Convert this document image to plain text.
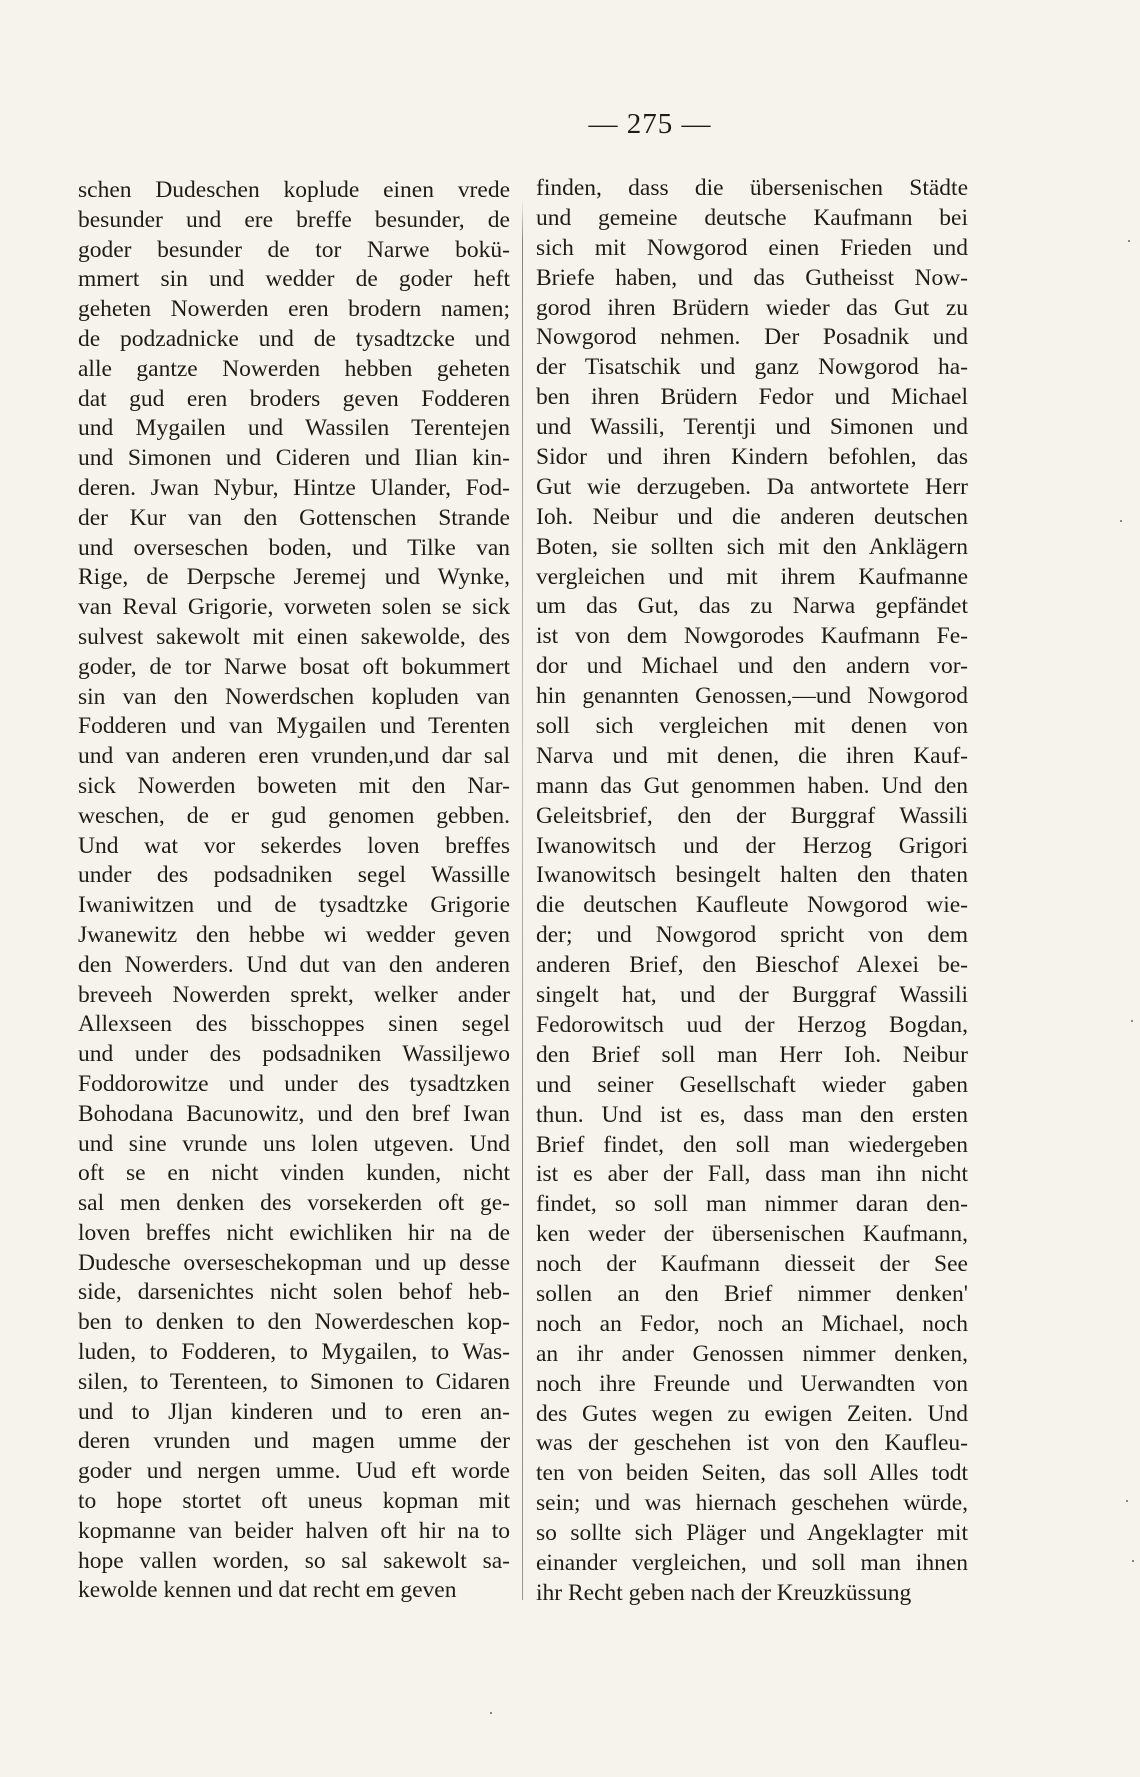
— 275 —
schen Dudeschen koplude einen vrede
besunder und ere breffe besunder, de
goder besunder de tor Narwe bokü-
mmert sin und wedder de goder heft
geheten Nowerden eren brodern namen;
de podzadnicke und de tysadtzcke und
alle gantze Nowerden hebben geheten
dat gud eren broders geven Fodderen
und Mygailen und Wassilen Terentejen
und Simonen und Cideren und Ilian kin-
deren. Jwan Nybur, Hintze Ulander, Fod-
der Kur van den Gottenschen Strande
und overseschen boden, und Tilke van
Rige, de Derpsche Jeremej und Wynke,
van Reval Grigorie, vorweten solen se sick
sulvest sakewolt mit einen sakewolde, des
goder, de tor Narwe bosat oft bokummert
sin van den Nowerdschen kopluden van
Fodderen und van Mygailen und Terenten
und van anderen eren vrunden,und dar sal
sick Nowerden boweten mit den Nar-
weschen, de er gud genomen gebben.
Und wat vor sekerdes loven breffes
under des podsadniken segel Wassille
Iwaniwitzen und de tysadtzke Grigorie
Jwanewitz den hebbe wi wedder geven
den Nowerders. Und dut van den anderen
breveeh Nowerden sprekt, welker ander
Allexseen des bisschoppes sinen segel
und under des podsadniken Wassiljewo
Foddorowitze und under des tysadtzken
Bohodana Bacunowitz, und den bref Iwan
und sine vrunde uns lolen utgeven. Und
oft se en nicht vinden kunden, nicht
sal men denken des vorsekerden oft ge-
loven breffes nicht ewichliken hir na de
Dudesche overseschekopman und up desse
side, darsenichtes nicht solen behof heb-
ben to denken to den Nowerdeschen kop-
luden, to Fodderen, to Mygailen, to Was-
silen, to Terenteen, to Simonen to Cidaren
und to Jljan kinderen und to eren an-
deren vrunden und magen umme der
goder und nergen umme. Uud eft worde
to hope stortet oft uneus kopman mit
kopmanne van beider halven oft hir na to
hope vallen worden, so sal sakewolt sa-
kewolde kennen und dat recht em geven
finden, dass die übersenischen Städte
und gemeine deutsche Kaufmann bei
sich mit Nowgorod einen Frieden und
Briefe haben, und das Gutheisst Now-
gorod ihren Brüdern wieder das Gut zu
Nowgorod nehmen. Der Posadnik und
der Tisatschik und ganz Nowgorod ha-
ben ihren Brüdern Fedor und Michael
und Wassili, Terentji und Simonen und
Sidor und ihren Kindern befohlen, das
Gut wie derzugeben. Da antwortete Herr
Ioh. Neibur und die anderen deutschen
Boten, sie sollten sich mit den Anklägern
vergleichen und mit ihrem Kaufmanne
um das Gut, das zu Narwa gepfändet
ist von dem Nowgorodes Kaufmann Fe-
dor und Michael und den andern vor-
hin genannten Genossen,—und Nowgorod
soll sich vergleichen mit denen von
Narva und mit denen, die ihren Kauf-
mann das Gut genommen haben. Und den
Geleitsbrief, den der Burggraf Wassili
Iwanowitsch und der Herzog Grigori
Iwanowitsch besingelt halten den thaten
die deutschen Kaufleute Nowgorod wie-
der; und Nowgorod spricht von dem
anderen Brief, den Bieschof Alexei be-
singelt hat, und der Burggraf Wassili
Fedorowitsch uud der Herzog Bogdan,
den Brief soll man Herr Ioh. Neibur
und seiner Gesellschaft wieder gaben
thun. Und ist es, dass man den ersten
Brief findet, den soll man wiedergeben
ist es aber der Fall, dass man ihn nicht
findet, so soll man nimmer daran den-
ken weder der übersenischen Kaufmann,
noch der Kaufmann diesseit der See
sollen an den Brief nimmer denken'
noch an Fedor, noch an Michael, noch
an ihr ander Genossen nimmer denken,
noch ihre Freunde und Uerwandten von
des Gutes wegen zu ewigen Zeiten. Und
was der geschehen ist von den Kaufleu-
ten von beiden Seiten, das soll Alles todt
sein; und was hiernach geschehen würde,
so sollte sich Pläger und Angeklagter mit
einander vergleichen, und soll man ihnen
ihr Recht geben nach der Kreuzküssung
